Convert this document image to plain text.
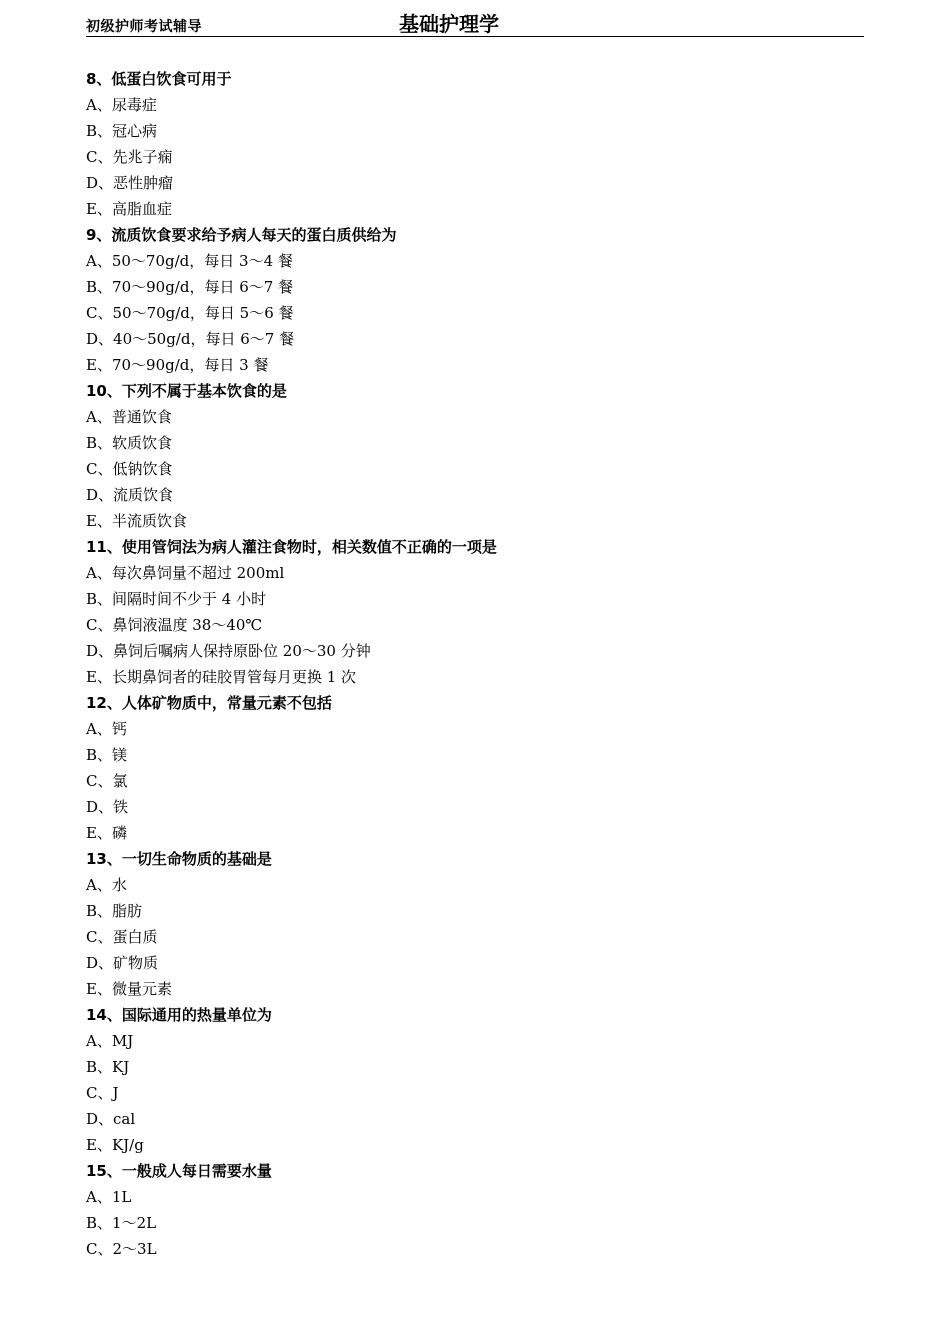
初级护师考试辅导	基础护理学
8、低蛋白饮食可用于
A、尿毒症
B、冠心病
C、先兆子痫
D、恶性肿瘤
E、高脂血症
9、流质饮食要求给予病人每天的蛋白质供给为
A、50～70g/d，每日 3～4 餐
B、70～90g/d，每日 6～7 餐
C、50～70g/d，每日 5～6 餐
D、40～50g/d，每日 6～7 餐
E、70～90g/d，每日 3 餐
10、下列不属于基本饮食的是
A、普通饮食
B、软质饮食
C、低钠饮食
D、流质饮食
E、半流质饮食
11、使用管饲法为病人灌注食物时，相关数值不正确的一项是
A、每次鼻饲量不超过 200ml
B、间隔时间不少于 4 小时
C、鼻饲液温度 38～40℃
D、鼻饲后嘱病人保持原卧位 20～30 分钟
E、长期鼻饲者的硅胶胃管每月更换 1 次
12、人体矿物质中，常量元素不包括
A、钙
B、镁
C、氯
D、铁
E、磷
13、一切生命物质的基础是
A、水
B、脂肪
C、蛋白质
D、矿物质
E、微量元素
14、国际通用的热量单位为
A、MJ
B、KJ
C、J
D、cal
E、KJ/g
15、一般成人每日需要水量
A、1L
B、1～2L
C、2～3L
